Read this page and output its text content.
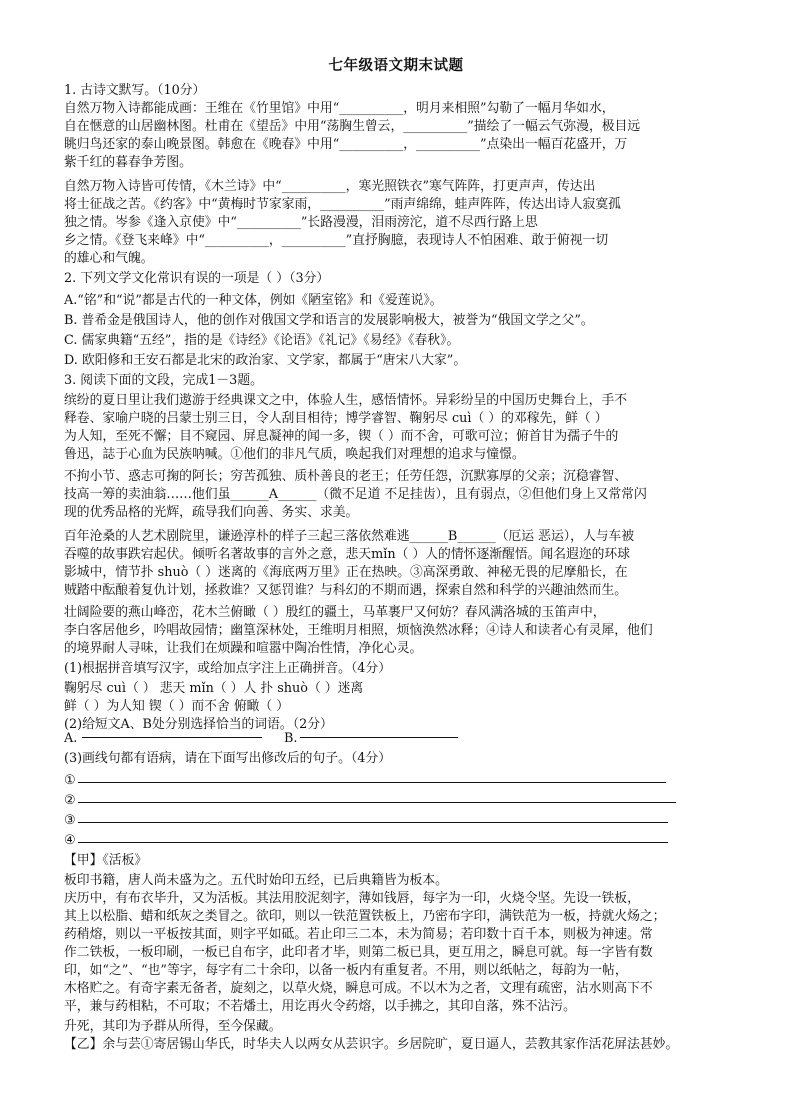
七年级语文期末试题
1. 古诗文默写。（10分）
自然万物入诗都能成画：王维在《竹里馆》中用“__________，明月来相照”勾勒了一幅月华如水，
自在惬意的山居幽林图。杜甫在《望岳》中用“荡胸生曾云，__________”描绘了一幅云气弥漫，极目远
眺归鸟还家的泰山晚景图。韩愈在《晚春》中用“__________，__________”点染出一幅百花盛开，万
紫千红的暮春争芳图。
自然万物入诗皆可传情，《木兰诗》中“__________，寒光照铁衣”寒气阵阵，打更声声，传达出
将士征战之苦。《约客》中“黄梅时节家家雨，__________”雨声绵绵，蛙声阵阵，传达出诗人寂寞孤
独之情。岑参《逢入京使》中“__________”长路漫漫，泪雨滂沱，道不尽西行路上思
乡之情。《登飞来峰》中“__________，__________”直抒胸臆，表现诗人不怕困难、敢于俯视一切
的雄心和气魄。
2. 下列文学文化常识有误的一项是（ ）（3分）
A.“铭”和“说”都是古代的一种文体，例如《陋室铭》和《爱莲说》。
B. 普希金是俄国诗人，他的创作对俄国文学和语言的发展影响极大，被誉为“俄国文学之父”。
C. 儒家典籍“五经”，指的是《诗经》《论语》《礼记》《易经》《春秋》。
D. 欧阳修和王安石都是北宋的政治家、文学家，都属于“唐宋八大家”。
3. 阅读下面的文段，完成1－3题。
缤纷的夏日里让我们遨游于经典课文之中，体验人生，感悟情怀。异彩纷呈的中国历史舞台上，手不
释卷、家喻户晓的吕蒙士别三日，令人刮目相待；博学睿智、鞠躬尽 cuì（ ）的邓稼先，鲜（ ）
为人知，至死不懈；目不窥园、屏息凝神的闻一多，锲（ ）而不舍，可歌可泣；俯首甘为孺子牛的
鲁迅，誌于心血为民族呐喊。①他们的非凡气质，唤起我们对理想的追求与憧憬。
不拘小节、惑志可掬的阿长；穷苦孤独、质朴善良的老王；任劳任怨，沉默寡厚的父亲；沉稳睿智、
技高一筹的卖油翁……他们虽______A______（微不足道 不足挂齿），且有弱点，②但他们身上又常常闪
现的优秀品格的光辉，疏导我们向善、务实、求美。
百年沧桑的人艺术剧院里，谦逊淳朴的样子三起三落依然难逃______B______（厄运 恶运），人与车被
吞噬的故事跌宕起伏。倾听名著故事的言外之意，悲天mǐn（ ）人的情怀逐渐醒悟。闻名遐迩的环球
影城中，情节扑 shuò（ ）迷离的《海底两万里》正在热映。③高深勇敢、神秘无畏的尼摩船长，在
贼踏中酝酿着复仇计划，拯救谁？又惩罚谁？与科幻的不期而遇，探索自然和科学的兴趣油然而生。
壮阔险要的燕山峰峦，花木兰俯瞰（ ）殷红的疆土，马革裹尸又何妨？春风满洛城的玉笛声中，
李白客居他乡，吟唱故园情；幽篁深林处，王维明月相照，烦恼涣然冰释；④诗人和读者心有灵犀，他们
的境界耐人寻味，让我们在烦躁和喧嚣中陶冶性情，净化心灵。
(1)根据拼音填写汉字，或给加点字注上正确拼音。（4分）
鞠躬尽 cuì（ ） 悲天 mǐn（ ）人 扑 shuò（ ）迷离
鲜（ ）为人知 锲（ ）而不舍 俯瞰（ ）
(2)给短文A、B处分别选择恰当的词语。（2分）
A.	B.
(3)画线句都有语病，请在下面写出修改后的句子。（4分）
①
②
③
④
【甲】《活板》
板印书籍，唐人尚未盛为之。五代时始印五经，已后典籍皆为板本。
庆历中，有布衣毕升，又为活板。其法用胶泥刻字，薄如钱唇，每字为一印，火烧令坚。先设一铁板，
其上以松脂、蜡和纸灰之类冒之。欲印，则以一铁范置铁板上，乃密布字印，满铁范为一板，持就火炀之；
药稍熔，则以一平板按其面，则字平如砥。若止印三二本，未为简易；若印数十百千本，则极为神速。常
作二铁板，一板印刷，一板已自布字，此印者才毕，则第二板已具，更互用之，瞬息可就。每一字皆有数
印，如“之”、“也”等字，每字有二十余印，以备一板内有重复者。不用，则以纸帖之，每韵为一帖，
木格贮之。有奇字素无备者，旋刻之，以草火烧，瞬息可成。不以木为之者，文理有疏密，沾水则高下不
平，兼与药相粘，不可取；不若燔土，用讫再火令药熔，以手拂之，其印自落，殊不沾污。
升死，其印为予群从所得，至今保藏。
【乙】余与芸①寄居锡山华氏，时华夫人以两女从芸识字。乡居院旷，夏日逼人，芸教其家作活花屏法甚妙。
